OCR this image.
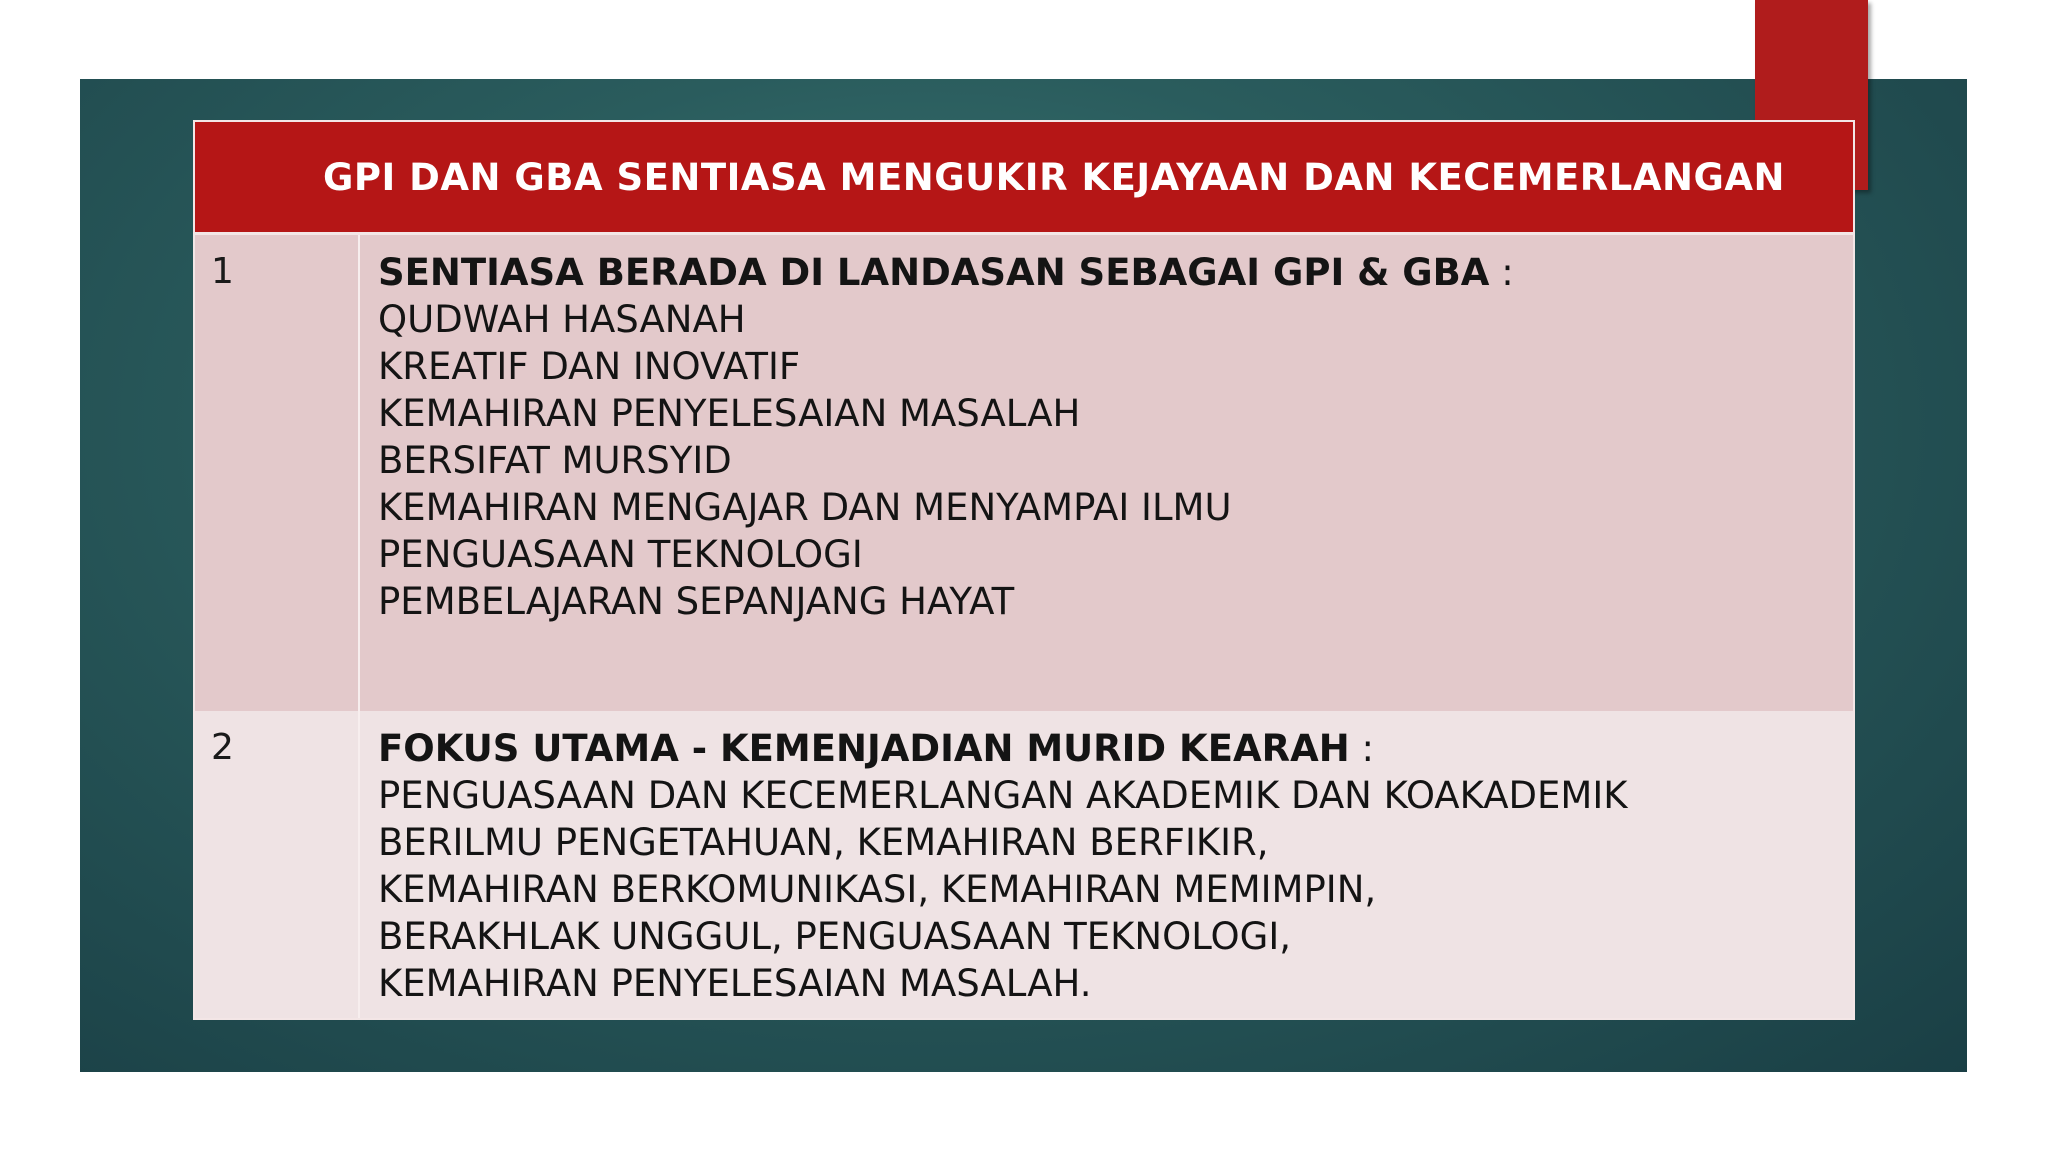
GPI DAN GBA SENTIASA MENGUKIR KEJAYAAN DAN KECEMERLANGAN
1	SENTIASA BERADA DI LANDASAN SEBAGAI GPI & GBA :
QUDWAH HASANAH
KREATIF DAN INOVATIF
KEMAHIRAN PENYELESAIAN MASALAH
BERSIFAT MURSYID
KEMAHIRAN MENGAJAR DAN MENYAMPAI ILMU
PENGUASAAN TEKNOLOGI
PEMBELAJARAN SEPANJANG HAYAT
2	FOKUS UTAMA - KEMENJADIAN MURID KEARAH :
PENGUASAAN DAN KECEMERLANGAN AKADEMIK DAN KOAKADEMIK
BERILMU PENGETAHUAN, KEMAHIRAN BERFIKIR,
KEMAHIRAN BERKOMUNIKASI, KEMAHIRAN MEMIMPIN,
BERAKHLAK UNGGUL, PENGUASAAN TEKNOLOGI,
KEMAHIRAN PENYELESAIAN MASALAH.
